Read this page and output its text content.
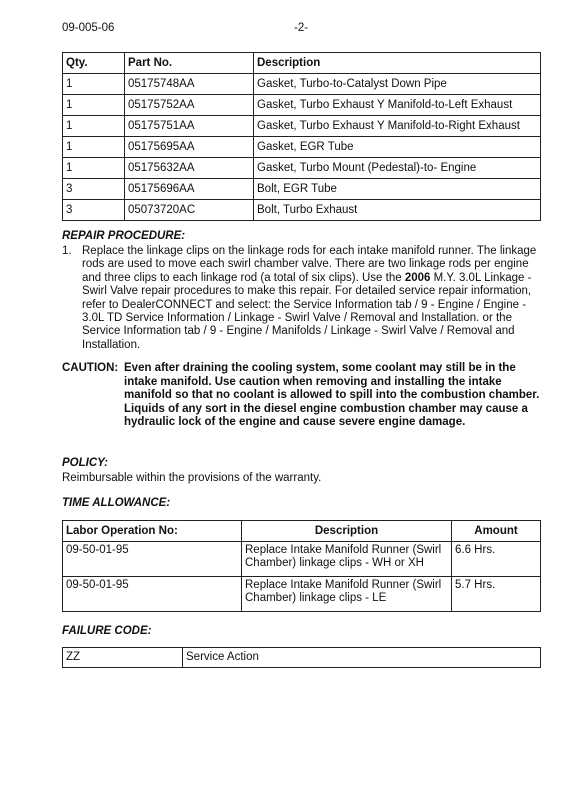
09-005-06	-2-
Qty.	Part No.	Description
1	05175748AA	Gasket, Turbo-to-Catalyst Down Pipe
1	05175752AA	Gasket, Turbo Exhaust Y Manifold-to-Left Exhaust
1	05175751AA	Gasket, Turbo Exhaust Y Manifold-to-Right Exhaust
1	05175695AA	Gasket, EGR Tube
1	05175632AA	Gasket, Turbo Mount (Pedestal)-to- Engine
3	05175696AA	Bolt, EGR Tube
3	05073720AC	Bolt, Turbo Exhaust
REPAIR PROCEDURE:
1. Replace the linkage clips on the linkage rods for each intake manifold runner. The linkage rods are used to move each swirl chamber valve. There are two linkage rods per engine and three clips to each linkage rod (a total of six clips). Use the 2006 M.Y. 3.0L Linkage - Swirl Valve repair procedures to make this repair. For detailed service repair information, refer to DealerCONNECT and select: the Service Information tab / 9 - Engine / Engine - 3.0L TD Service Information / Linkage - Swirl Valve / Removal and Installation. or the Service Information tab / 9 - Engine / Manifolds / Linkage - Swirl Valve / Removal and Installation.
CAUTION: Even after draining the cooling system, some coolant may still be in the intake manifold. Use caution when removing and installing the intake manifold so that no coolant is allowed to spill into the combustion chamber. Liquids of any sort in the diesel engine combustion chamber may cause a hydraulic lock of the engine and cause severe engine damage.
POLICY:
Reimbursable within the provisions of the warranty.
TIME ALLOWANCE:
Labor Operation No:	Description	Amount
09-50-01-95	Replace Intake Manifold Runner (Swirl Chamber) linkage clips - WH or XH	6.6 Hrs.
09-50-01-95	Replace Intake Manifold Runner (Swirl Chamber) linkage clips - LE	5.7 Hrs.
FAILURE CODE:
ZZ	Service Action
